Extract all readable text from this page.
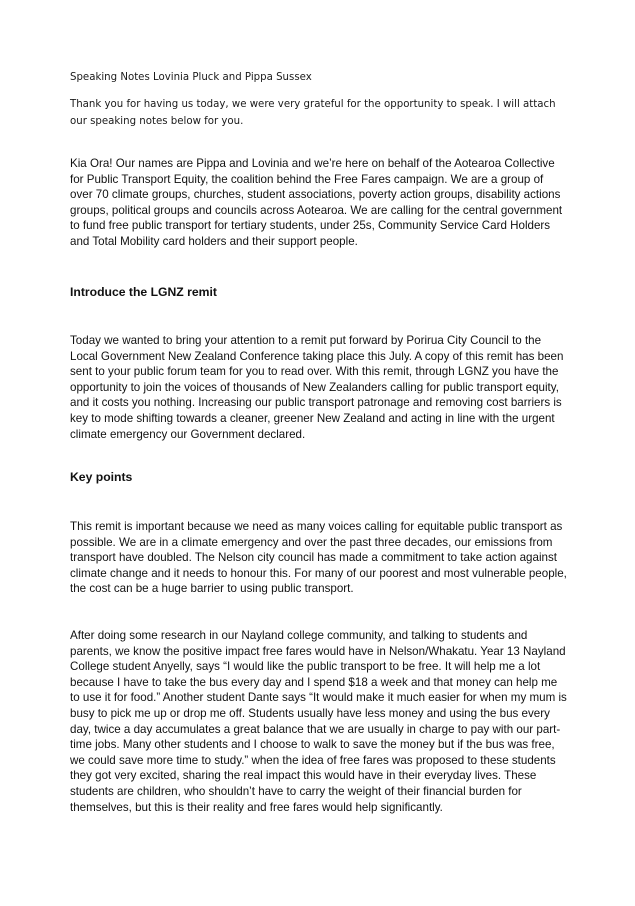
Speaking Notes Lovinia Pluck and Pippa Sussex

Thank you for having us today, we were very grateful for the opportunity to speak. I will attach our speaking notes below for you.

Kia Ora! Our names are Pippa and Lovinia and we’re here on behalf of the Aotearoa Collective for Public Transport Equity, the coalition behind the Free Fares campaign. We are a group of over 70 climate groups, churches, student associations, poverty action groups, disability actions groups, political groups and councils across Aotearoa. We are calling for the central government to fund free public transport for tertiary students, under 25s, Community Service Card Holders and Total Mobility card holders and their support people.

Introduce the LGNZ remit

Today we wanted to bring your attention to a remit put forward by Porirua City Council to the Local Government New Zealand Conference taking place this July. A copy of this remit has been sent to your public forum team for you to read over. With this remit, through LGNZ you have the opportunity to join the voices of thousands of New Zealanders calling for public transport equity, and it costs you nothing. Increasing our public transport patronage and removing cost barriers is key to mode shifting towards a cleaner, greener New Zealand and acting in line with the urgent climate emergency our Government declared.

Key points

This remit is important because we need as many voices calling for equitable public transport as possible. We are in a climate emergency and over the past three decades, our emissions from transport have doubled. The Nelson city council has made a commitment to take action against climate change and it needs to honour this. For many of our poorest and most vulnerable people, the cost can be a huge barrier to using public transport.

After doing some research in our Nayland college community, and talking to students and parents, we know the positive impact free fares would have in Nelson/Whakatu. Year 13 Nayland College student Anyelly, says “I would like the public transport to be free. It will help me a lot because I have to take the bus every day and I spend $18 a week and that money can help me to use it for food.” Another student Dante says “It would make it much easier for when my mum is busy to pick me up or drop me off. Students usually have less money and using the bus every day, twice a day accumulates a great balance that we are usually in charge to pay with our part-time jobs. Many other students and I choose to walk to save the money but if the bus was free, we could save more time to study.” when the idea of free fares was proposed to these students they got very excited, sharing the real impact this would have in their everyday lives. These students are children, who shouldn’t have to carry the weight of their financial burden for themselves, but this is their reality and free fares would help significantly.
